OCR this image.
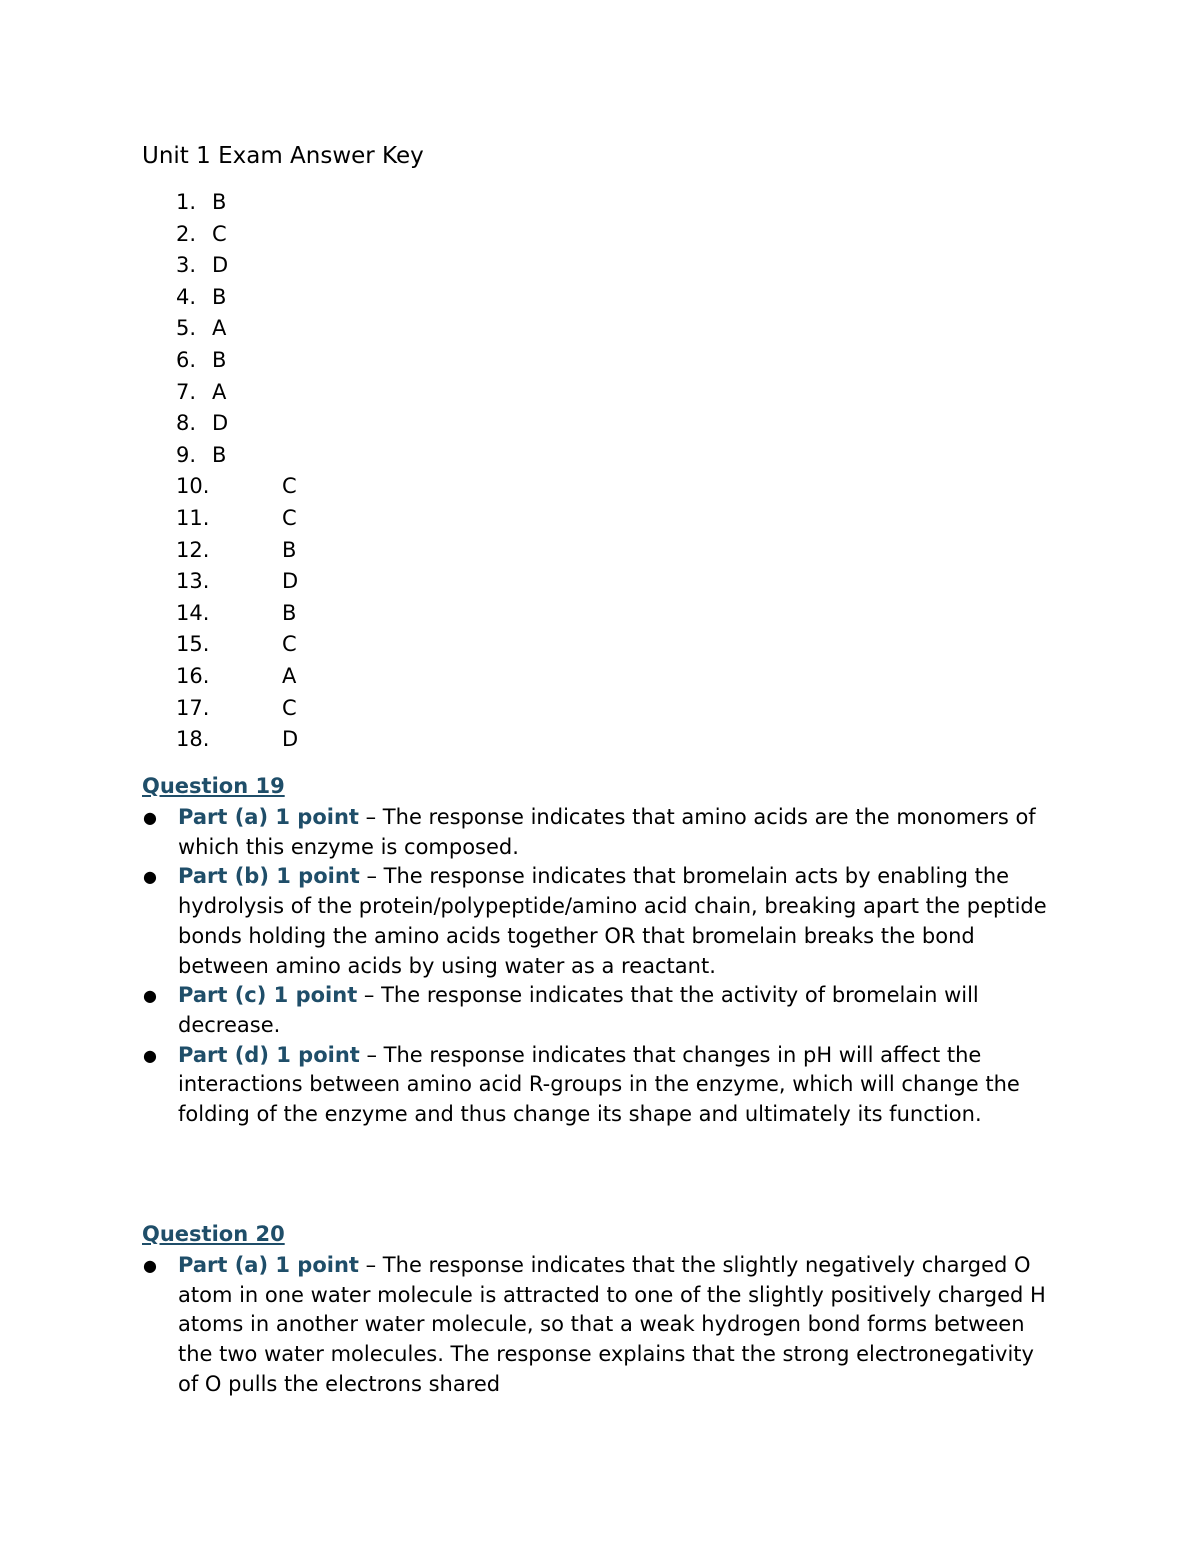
Unit 1 Exam Answer Key
1. B
2. C
3. D
4. B
5. A
6. B
7. A
8. D
9. B
10.	C
11.	C
12.	B
13.	D
14.	B
15.	C
16.	A
17.	C
18.	D
Question 19
● Part (a) 1 point – The response indicates that amino acids are the monomers of which this enzyme is composed.
● Part (b) 1 point – The response indicates that bromelain acts by enabling the hydrolysis of the protein/polypeptide/amino acid chain, breaking apart the peptide bonds holding the amino acids together OR that bromelain breaks the bond between amino acids by using water as a reactant.
● Part (c) 1 point – The response indicates that the activity of bromelain will decrease.
● Part (d) 1 point – The response indicates that changes in pH will affect the interactions between amino acid R-groups in the enzyme, which will change the folding of the enzyme and thus change its shape and ultimately its function.
Question 20
● Part (a) 1 point – The response indicates that the slightly negatively charged O atom in one water molecule is attracted to one of the slightly positively charged H atoms in another water molecule, so that a weak hydrogen bond forms between the two water molecules. The response explains that the strong electronegativity of O pulls the electrons shared
